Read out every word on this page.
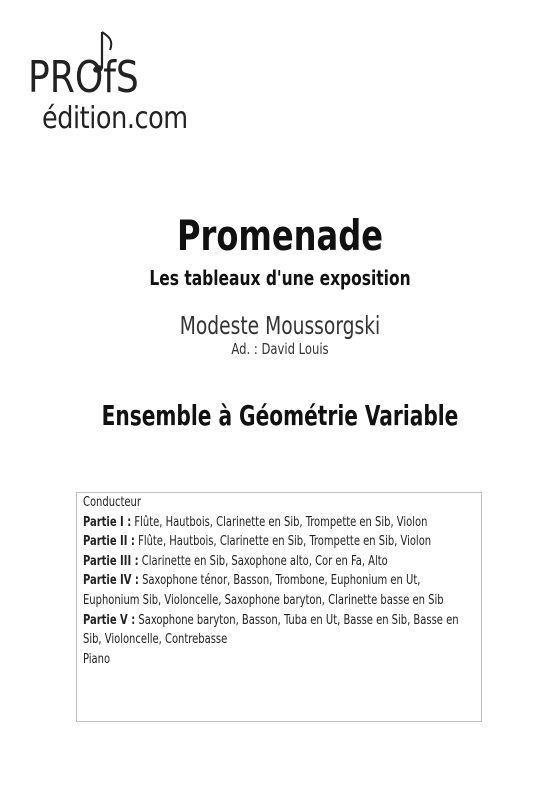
PROfS
édition.com
Promenade
Les tableaux d'une exposition
Modeste Moussorgski
Ad. : David Louis
Ensemble à Géométrie Variable
Conducteur
Partie I : Flûte, Hautbois, Clarinette en Sib, Trompette en Sib, Violon
Partie II : Flûte, Hautbois, Clarinette en Sib, Trompette en Sib, Violon
Partie III : Clarinette en Sib, Saxophone alto, Cor en Fa, Alto
Partie IV : Saxophone ténor, Basson, Trombone, Euphonium en Ut, Euphonium Sib, Violoncelle, Saxophone baryton, Clarinette basse en Sib
Partie V : Saxophone baryton, Basson, Tuba en Ut, Basse en Sib, Basse en Sib, Violoncelle, Contrebasse
Piano
